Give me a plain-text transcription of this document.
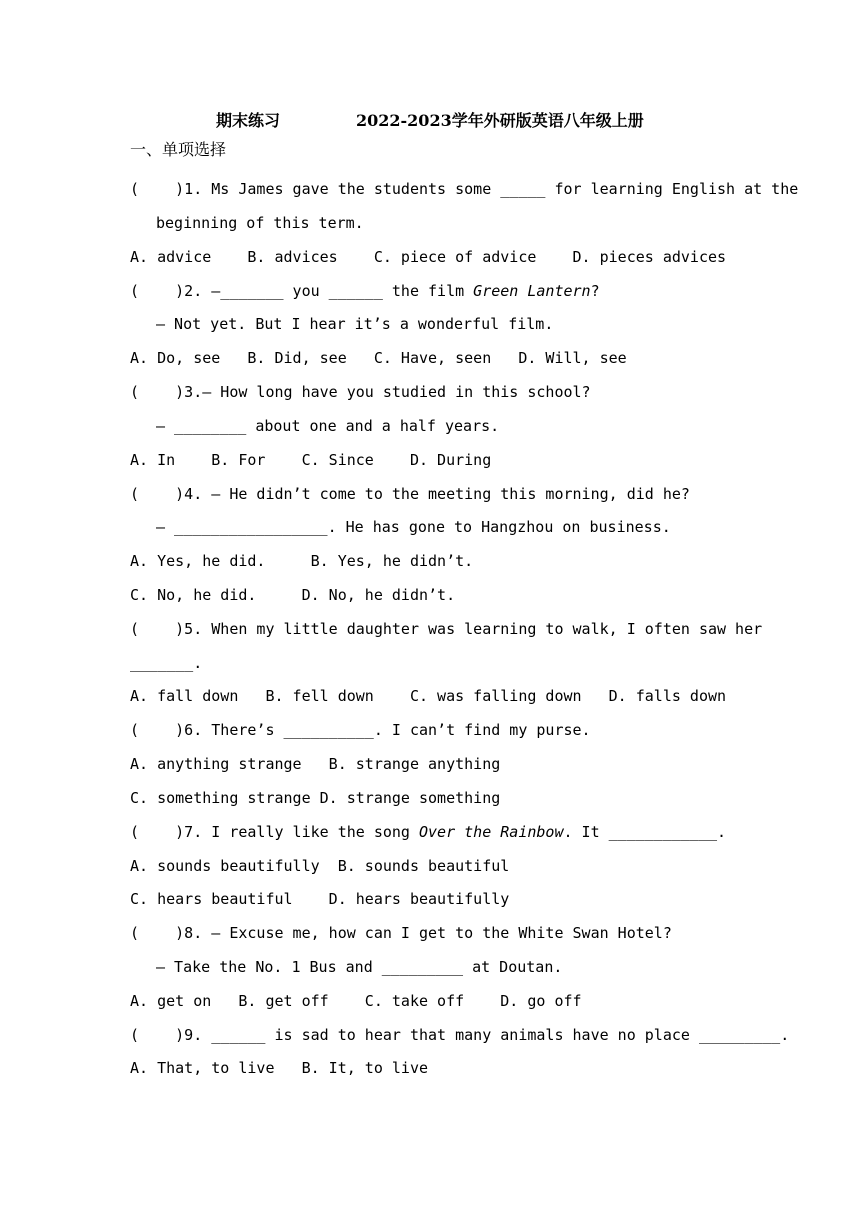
期末练习	2022-2023学年外研版英语八年级上册
一、单项选择
(    )1. Ms James gave the students some _____ for learning English at the
beginning of this term.
A. advice    B. advices    C. piece of advice    D. pieces advices
(    )2. —_______ you ______ the film Green Lantern?
— Not yet. But I hear it’s a wonderful film.
A. Do, see   B. Did, see   C. Have, seen   D. Will, see
(    )3.— How long have you studied in this school?
— ________ about one and a half years.
A. In    B. For    C. Since    D. During
(    )4. — He didn’t come to the meeting this morning, did he?
— _________________. He has gone to Hangzhou on business.
A. Yes, he did.     B. Yes, he didn’t.
C. No, he did.     D. No, he didn’t.
(    )5. When my little daughter was learning to walk, I often saw her
_______.
A. fall down   B. fell down    C. was falling down   D. falls down
(    )6. There’s __________. I can’t find my purse.
A. anything strange   B. strange anything
C. something strange D. strange something
(    )7. I really like the song Over the Rainbow. It ____________.
A. sounds beautifully  B. sounds beautiful
C. hears beautiful    D. hears beautifully
(    )8. — Excuse me, how can I get to the White Swan Hotel?
— Take the No. 1 Bus and _________ at Doutan.
A. get on   B. get off    C. take off    D. go off
(    )9. ______ is sad to hear that many animals have no place _________.
A. That, to live   B. It, to live
